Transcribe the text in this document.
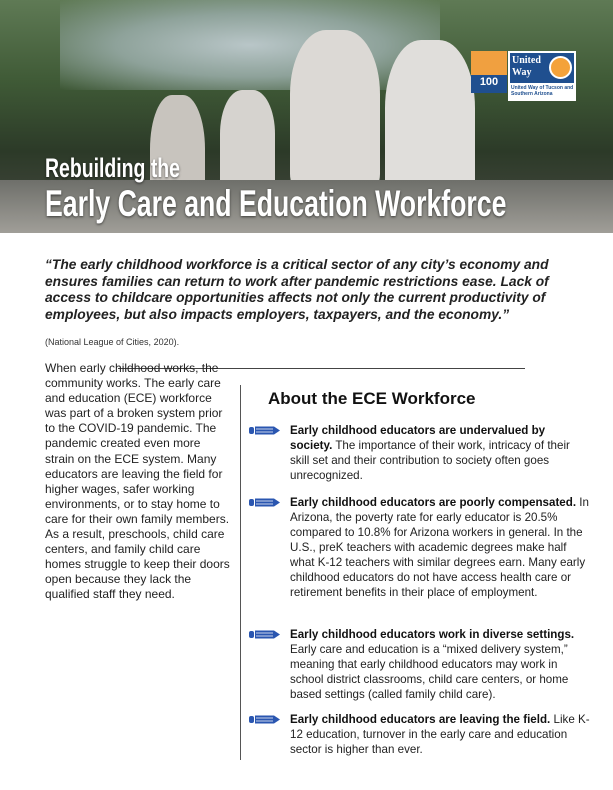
Rebuilding the
Early Care and Education Workforce
100
United Way
United Way of Tucson and Southern Arizona
“The early childhood workforce is a critical sector of any city’s economy and ensures families can return to work after pandemic restrictions ease. Lack of access to childcare opportunities affects not only the current productivity of employees, but also impacts employers, taxpayers, and the economy.”
(National League of Cities, 2020).
When early childhood works, the community works. The early care and education (ECE) workforce was part of a broken system prior to the COVID-19 pandemic. The pandemic created even more strain on the ECE system. Many educators are leaving the field for higher wages, safer working environments, or to stay home to care for their own family members. As a result, preschools, child care centers, and family child care homes struggle to keep their doors open because they lack the qualified staff they need.
About the ECE Workforce
Early childhood educators are undervalued by society. The importance of their work, intricacy of their skill set and their contribution to society often goes unrecognized.
Early childhood educators are poorly compensated. In Arizona, the poverty rate for early educator is 20.5% compared to 10.8% for Arizona workers in general. In the U.S., preK teachers with academic degrees make half what K-12 teachers with similar degrees earn. Many early childhood educators do not have access health care or retirement benefits in their place of employment.
Early childhood educators work in diverse settings. Early care and education is a “mixed delivery system,” meaning that early childhood educators may work in school district classrooms, child care centers, or home based settings (called family child care).
Early childhood educators are leaving the field. Like K-12 education, turnover in the early care and education sector is higher than ever.
